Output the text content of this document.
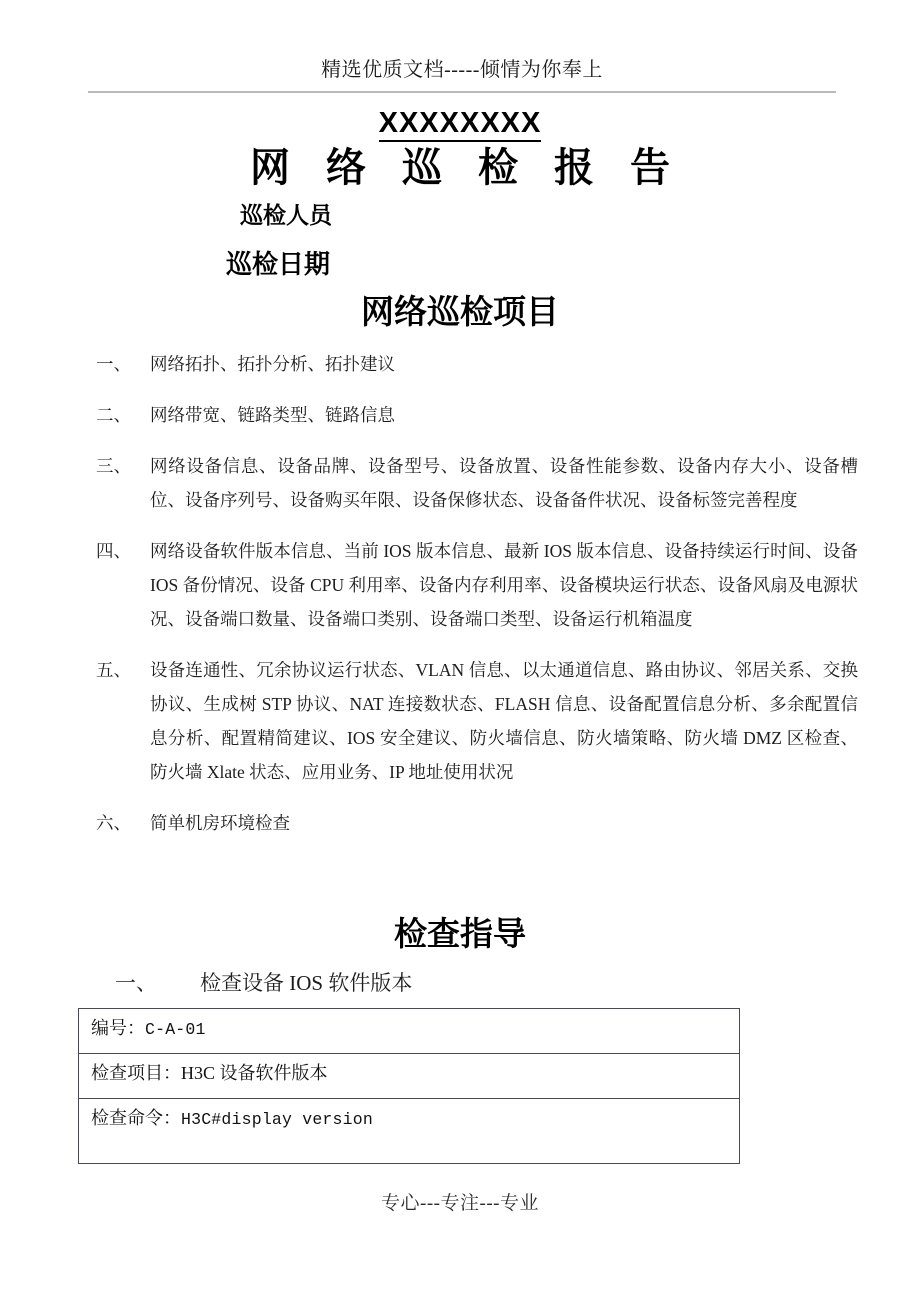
精选优质文档-----倾情为你奉上
XXXXXXXX
网络巡检报告
巡检人员
巡检日期
网络巡检项目
一、	网络拓扑、拓扑分析、拓扑建议
二、	网络带宽、链路类型、链路信息
三、	网络设备信息、设备品牌、设备型号、设备放置、设备性能参数、设备内存大小、设备槽位、设备序列号、设备购买年限、设备保修状态、设备备件状况、设备标签完善程度
四、	网络设备软件版本信息、当前 IOS 版本信息、最新 IOS 版本信息、设备持续运行时间、设备 IOS 备份情况、设备 CPU 利用率、设备内存利用率、设备模块运行状态、设备风扇及电源状况、设备端口数量、设备端口类别、设备端口类型、设备运行机箱温度
五、	设备连通性、冗余协议运行状态、VLAN 信息、以太通道信息、路由协议、邻居关系、交换协议、生成树 STP 协议、NAT 连接数状态、FLASH 信息、设备配置信息分析、多余配置信息分析、配置精简建议、IOS 安全建议、防火墙信息、防火墙策略、防火墙 DMZ 区检查、防火墙 Xlate 状态、应用业务、IP 地址使用状况
六、	简单机房环境检查
检查指导
一、	检查设备 IOS 软件版本
编号：C-A-01
检查项目：H3C 设备软件版本
检查命令：H3C#display version
专心---专注---专业
